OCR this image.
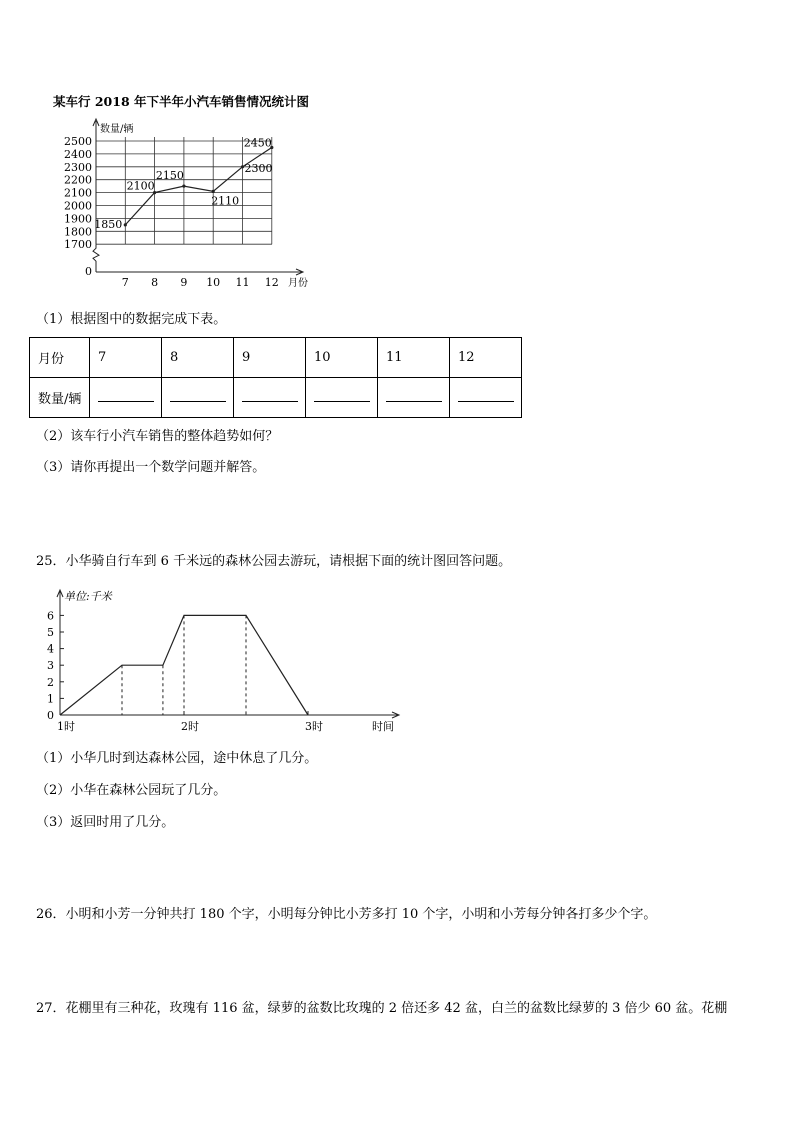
某车行 2018 年下半年小汽车销售情况统计图
2500
2400
2300
2200
2100
2000
1900
1800
1700
0
7 8 9 10 11 12
1850
2100
2150
2110
2300
2450
数量/辆
月份
（1）根据图中的数据完成下表。
月份	7	8	9	10	11	12
数量/辆						
（2）该车行小汽车销售的整体趋势如何？
（3）请你再提出一个数学问题并解答。
25．小华骑自行车到 6 千米远的森林公园去游玩，请根据下面的统计图回答问题。
6
5
4
3
2
1
0
1时	2时	3时
单位:千米
时间
（1）小华几时到达森林公园，途中休息了几分。
（2）小华在森林公园玩了几分。
（3）返回时用了几分。
26．小明和小芳一分钟共打 180 个字，小明每分钟比小芳多打 10 个字，小明和小芳每分钟各打多少个字。
27．花棚里有三种花，玫瑰有 116 盆，绿萝的盆数比玫瑰的 2 倍还多 42 盆，白兰的盆数比绿萝的 3 倍少 60 盆。花棚
